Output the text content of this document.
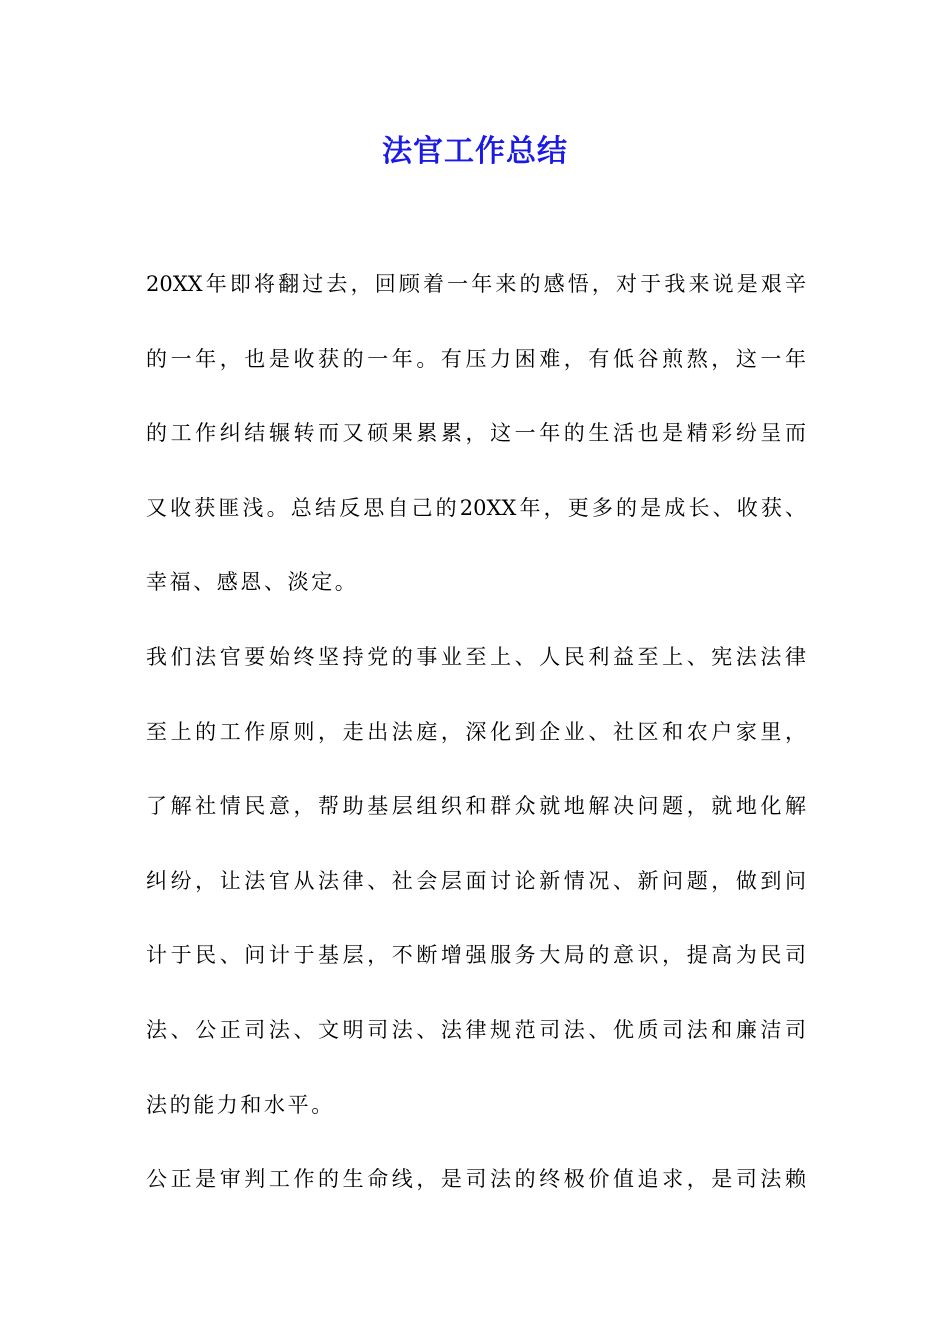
法官工作总结
20XX年即将翻过去，回顾着一年来的感悟，对于我来说是艰辛
的一年，也是收获的一年。有压力困难，有低谷煎熬，这一年
的工作纠结辗转而又硕果累累，这一年的生活也是精彩纷呈而
又收获匪浅。总结反思自己的20XX年，更多的是成长、收获、
幸福、感恩、淡定。
我们法官要始终坚持党的事业至上、人民利益至上、宪法法律
至上的工作原则，走出法庭，深化到企业、社区和农户家里，
了解社情民意，帮助基层组织和群众就地解决问题，就地化解
纠纷，让法官从法律、社会层面讨论新情况、新问题，做到问
计于民、问计于基层，不断增强服务大局的意识，提高为民司
法、公正司法、文明司法、法律规范司法、优质司法和廉洁司
法的能力和水平。
公正是审判工作的生命线，是司法的终极价值追求，是司法赖
